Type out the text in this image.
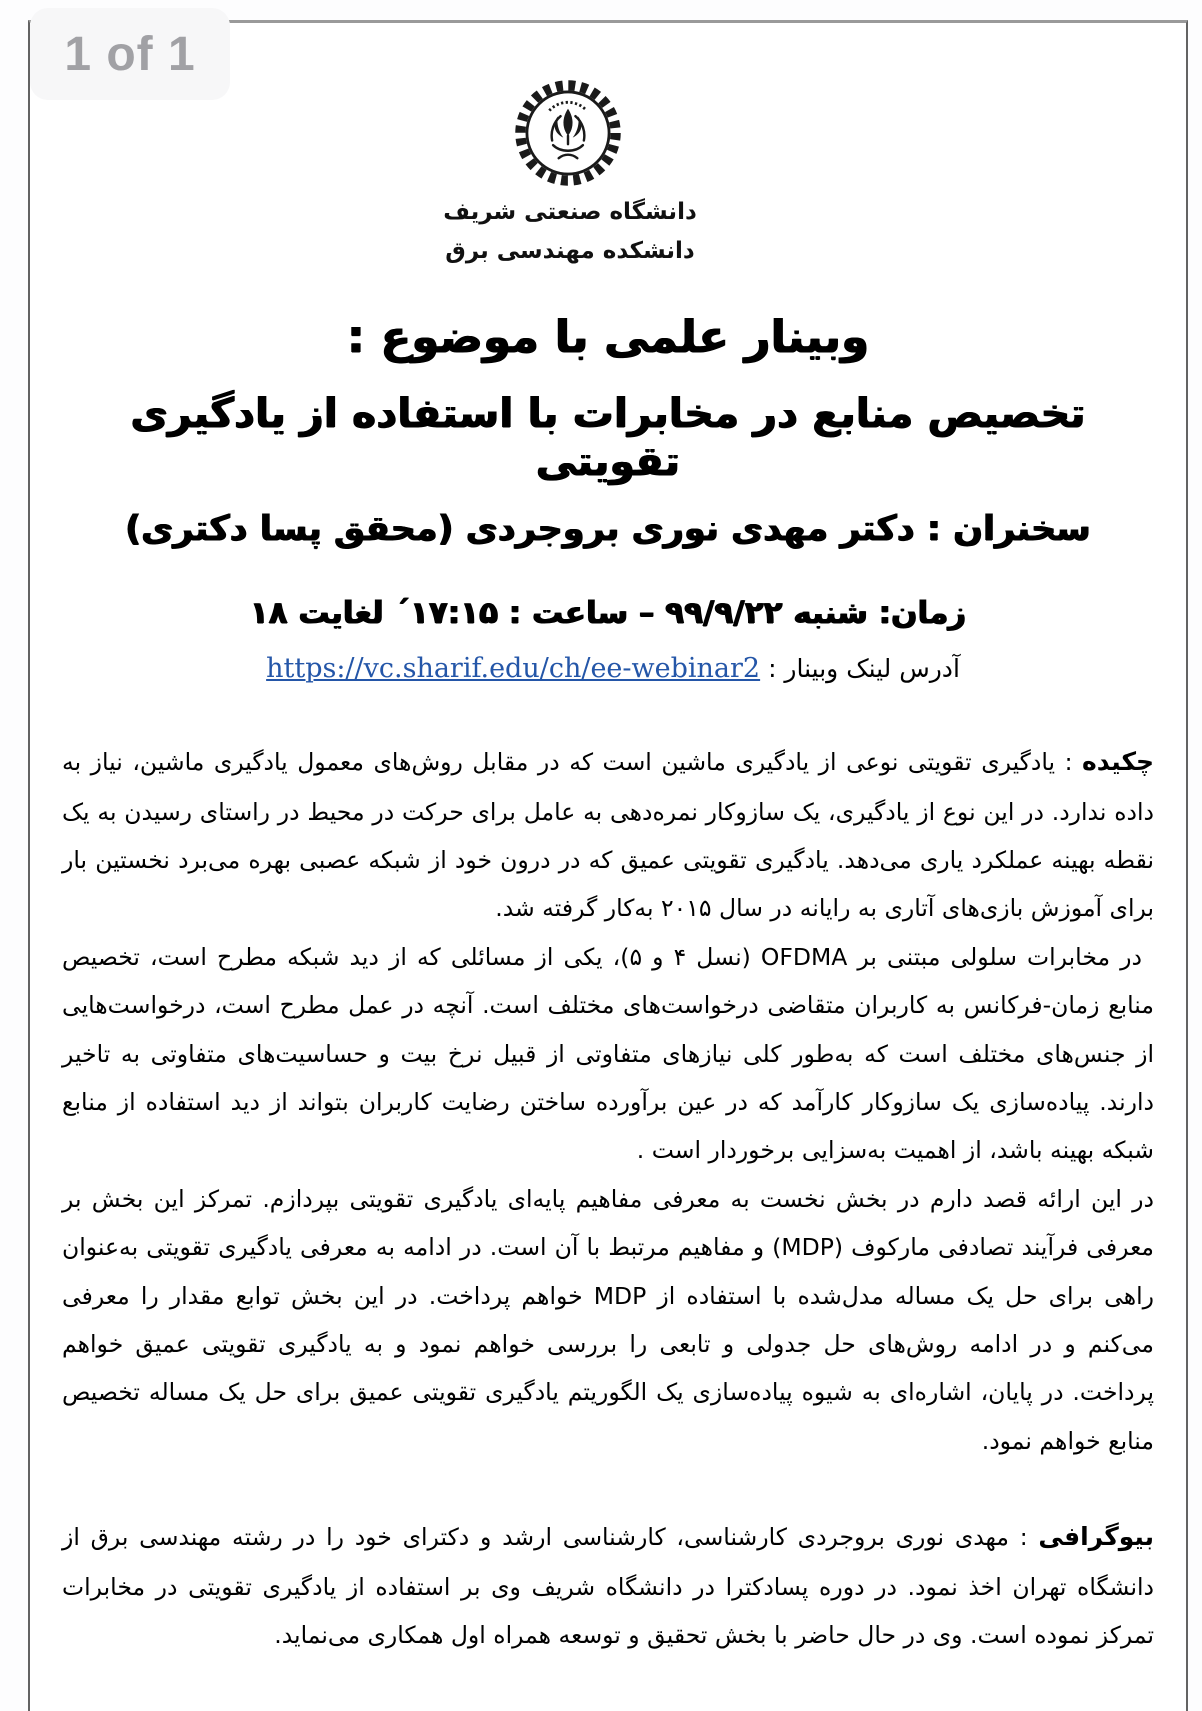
دانشگاه صنعتی شریف
دانشکده مهندسی برق
وبینار علمی با موضوع :
تخصیص منابع در مخابرات با استفاده از یادگیری تقویتی
سخنران : دکتر مهدی نوری بروجردی (محقق پسا دکتری)
زمان: شنبه ۹۹/۹/۲۲ – ساعت : ۱۷:۱۵´ لغایت ۱۸
آدرس لینک وبینار : https://vc.sharif.edu/ch/ee-webinar2

چکیده : یادگیری تقویتی نوعی از یادگیری ماشین است که در مقابل روش‌های معمول یادگیری ماشین، نیاز به داده ندارد. در این نوع از یادگیری، یک سازوکار نمره‌دهی به عامل برای حرکت در محیط در راستای رسیدن به یک نقطه بهینه عملکرد یاری می‌دهد. یادگیری تقویتی عمیق که در درون خود از شبکه عصبی بهره می‌برد نخستین بار برای آموزش بازی‌های آتاری به رایانه در سال ۲۰۱۵ به‌کار گرفته شد.

در مخابرات سلولی مبتنی بر OFDMA (نسل ۴ و ۵)، یکی از مسائلی که از دید شبکه مطرح است، تخصیص منابع زمان-فرکانس به کاربران متقاضی درخواست‌های مختلف است. آنچه در عمل مطرح است، درخواست‌هایی از جنس‌های مختلف است که به‌طور کلی نیازهای متفاوتی از قبیل نرخ بیت و حساسیت‌های متفاوتی به تاخیر دارند. پیاده‌سازی یک سازوکار کارآمد که در عین برآورده ساختن رضایت کاربران بتواند از دید استفاده از منابع شبکه بهینه باشد، از اهمیت به‌سزایی برخوردار است .

در این ارائه قصد دارم در بخش نخست به معرفی مفاهیم پایه‌ای یادگیری تقویتی بپردازم. تمرکز این بخش بر معرفی فرآیند تصادفی مارکوف (MDP) و مفاهیم مرتبط با آن است. در ادامه به معرفی یادگیری تقویتی به‌عنوان راهی برای حل یک مساله مدل‌شده با استفاده از MDP خواهم پرداخت. در این بخش توابع مقدار را معرفی می‌کنم و در ادامه روش‌های حل جدولی و تابعی را بررسی خواهم نمود و به یادگیری تقویتی عمیق خواهم پرداخت. در پایان، اشاره‌ای به شیوه پیاده‌سازی یک الگوریتم یادگیری تقویتی عمیق برای حل یک مساله تخصیص منابع خواهم نمود.

بیوگرافی : مهدی نوری بروجردی کارشناسی، کارشناسی ارشد و دکترای خود را در رشته مهندسی برق از دانشگاه تهران اخذ نمود. در دوره پسادکترا در دانشگاه شریف وی بر استفاده از یادگیری تقویتی در مخابرات تمرکز نموده است. وی در حال حاضر با بخش تحقیق و توسعه همراه اول همکاری می‌نماید.

1 of 1
